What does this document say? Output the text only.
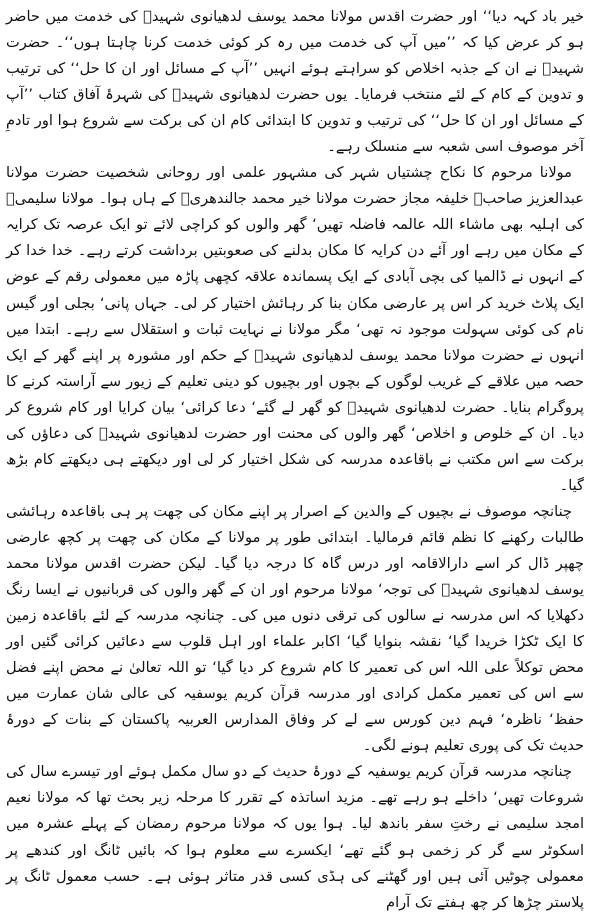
خیر باد کہہ دیا‘‘ اور حضرت اقدس مولانا محمد یوسف لدھیانوی شہیدؒ کی خدمت میں حاضر ہو کر عرض کیا کہ ’’میں آپ کی خدمت میں رہ کر کوئی خدمت کرنا چاہتا ہوں‘‘۔ حضرت شہیدؒ نے ان کے جذبہ اخلاص کو سراہتے ہوئے انہیں ’’آپ کے مسائل اور ان کا حل‘‘ کی ترتیب و تدوین کے کام کے لئے منتخب فرمایا۔ یوں حضرت لدھیانوی شہیدؒ کی شہرۂ آفاق کتاب ’’آپ کے مسائل اور ان کا حل‘‘ کی ترتیب و تدوین کا ابتدائی کام ان کی برکت سے شروع ہوا اور تادمِ آخر موصوف اسی شعبہ سے منسلک رہے۔

مولانا مرحوم کا نکاح چشتیاں شہر کی مشہور علمی اور روحانی شخصیت حضرت مولانا عبدالعزیز صاحبؒ خلیفہ مجاز حضرت مولانا خیر محمد جالندھریؒ کے ہاں ہوا۔ مولانا سلیمیؒ کی اہلیہ بھی ماشاء اللہ عالمہ فاضلہ تھیں‘ گھر والوں کو کراچی لائے تو ایک عرصہ تک کرایہ کے مکان میں رہے اور آئے دن کرایہ کا مکان بدلنے کی صعوبتیں برداشت کرتے رہے۔ خدا خدا کر کے انہوں نے ڈالمیا کی بچی آبادی کے ایک پسماندہ علاقہ کچھی پاڑہ میں معمولی رقم کے عوض ایک پلاٹ خرید کر اس پر عارضی مکان بنا کر رہائش اختیار کر لی۔ جہاں پانی‘ بجلی اور گیس نام کی کوئی سہولت موجود نہ تھی‘ مگر مولانا نے نہایت ثبات و استقلال سے رہے۔ ابتدا میں انہوں نے حضرت مولانا محمد یوسف لدھیانوی شہیدؒ کے حکم اور مشورہ پر اپنے گھر کے ایک حصہ میں علاقے کے غریب لوگوں کے بچوں اور بچیوں کو دینی تعلیم کے زیور سے آراستہ کرنے کا پروگرام بنایا۔ حضرت لدھیانوی شہیدؒ کو گھر لے گئے‘ دعا کرائی‘ بیان کرایا اور کام شروع کر دیا۔ ان کے خلوص و اخلاص‘ گھر والوں کی محنت اور حضرت لدھیانوی شہیدؒ کی دعاؤں کی برکت سے اس مکتب نے باقاعدہ مدرسہ کی شکل اختیار کر لی اور دیکھتے ہی دیکھتے کام بڑھ گیا۔

چنانچہ موصوف نے بچیوں کے والدین کے اصرار پر اپنے مکان کی چھت پر ہی باقاعدہ رہائشی طالبات رکھنے کا نظم قائم فرمالیا۔ ابتدائی طور پر مولانا کے مکان کی چھت پر کچھ عارضی چھپر ڈال کر اسے دارالاقامہ اور درس گاہ کا درجہ دیا گیا۔ لیکن حضرت اقدس مولانا محمد یوسف لدھیانوی شہیدؒ کی توجہ‘ مولانا مرحوم اور ان کے گھر والوں کی قربانیوں نے ایسا رنگ دکھلایا کہ اس مدرسہ نے سالوں کی ترقی دنوں میں کی۔ چنانچہ مدرسہ کے لئے باقاعدہ زمین کا ایک ٹکڑا خریدا گیا‘ نقشہ بنوایا گیا‘ اکابر علماء اور اہل قلوب سے دعائیں کرائی گئیں اور محض توکلاً علی اللہ اس کی تعمیر کا کام شروع کر دیا گیا‘ تو اللہ تعالیٰ نے محض اپنے فضل سے اس کی تعمیر مکمل کرادی اور مدرسہ قرآن کریم یوسفیہ کی عالی شان عمارت میں حفظ‘ ناظرہ‘ فہم دین کورس سے لے کر وفاق المدارس العربیہ پاکستان کے بنات کے دورۂ حدیث تک کی پوری تعلیم ہونے لگی۔

چنانچہ مدرسہ قرآن کریم یوسفیہ کے دورۂ حدیث کے دو سال مکمل ہوئے اور تیسرے سال کی شروعات تھیں‘ داخلے ہو رہے تھے۔ مزید اساتذہ کے تقرر کا مرحلہ زیر بحث تھا کہ مولانا نعیم امجد سلیمی نے رختِ سفر باندھ لیا۔ ہوا یوں کہ مولانا مرحوم رمضان کے پہلے عشرہ میں اسکوٹر سے گر کر زخمی ہو گئے تھے‘ ایکسرے سے معلوم ہوا کہ بائیں ٹانگ اور کندھے پر معمولی چوٹیں آئی ہیں اور گھٹنے کی ہڈی کسی قدر متاثر ہوئی ہے۔ حسب معمول ٹانگ پر پلاستر چڑھا کر چھ ہفتے تک آرام
